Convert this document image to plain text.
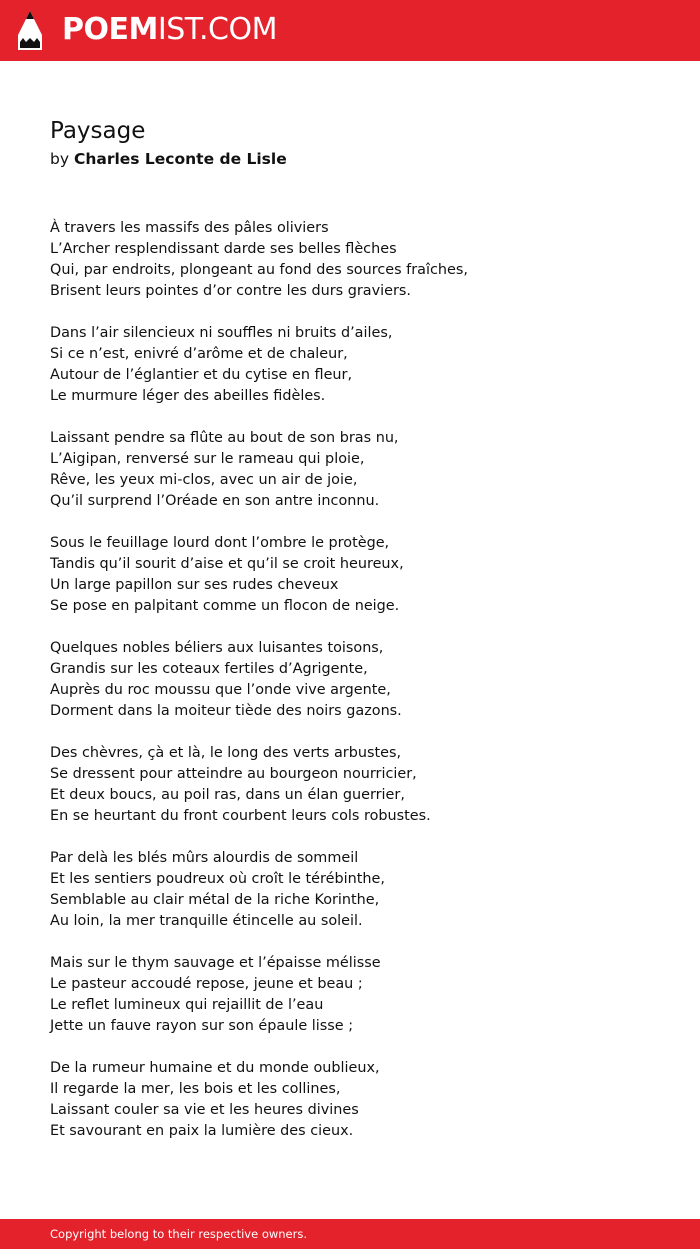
POEMIST.COM
Paysage
by Charles Leconte de Lisle
À travers les massifs des pâles oliviers
L’Archer resplendissant darde ses belles flèches
Qui, par endroits, plongeant au fond des sources fraîches,
Brisent leurs pointes d’or contre les durs graviers.
Dans l’air silencieux ni souffles ni bruits d’ailes,
Si ce n’est, enivré d’arôme et de chaleur,
Autour de l’églantier et du cytise en fleur,
Le murmure léger des abeilles fidèles.
Laissant pendre sa flûte au bout de son bras nu,
L’Aigipan, renversé sur le rameau qui ploie,
Rêve, les yeux mi-clos, avec un air de joie,
Qu’il surprend l’Oréade en son antre inconnu.
Sous le feuillage lourd dont l’ombre le protège,
Tandis qu’il sourit d’aise et qu’il se croit heureux,
Un large papillon sur ses rudes cheveux
Se pose en palpitant comme un flocon de neige.
Quelques nobles béliers aux luisantes toisons,
Grandis sur les coteaux fertiles d’Agrigente,
Auprès du roc moussu que l’onde vive argente,
Dorment dans la moiteur tiède des noirs gazons.
Des chèvres, çà et là, le long des verts arbustes,
Se dressent pour atteindre au bourgeon nourricier,
Et deux boucs, au poil ras, dans un élan guerrier,
En se heurtant du front courbent leurs cols robustes.
Par delà les blés mûrs alourdis de sommeil
Et les sentiers poudreux où croît le térébinthe,
Semblable au clair métal de la riche Korinthe,
Au loin, la mer tranquille étincelle au soleil.
Mais sur le thym sauvage et l’épaisse mélisse
Le pasteur accoudé repose, jeune et beau ;
Le reflet lumineux qui rejaillit de l’eau
Jette un fauve rayon sur son épaule lisse ;
De la rumeur humaine et du monde oublieux,
Il regarde la mer, les bois et les collines,
Laissant couler sa vie et les heures divines
Et savourant en paix la lumière des cieux.
Copyright belong to their respective owners.
